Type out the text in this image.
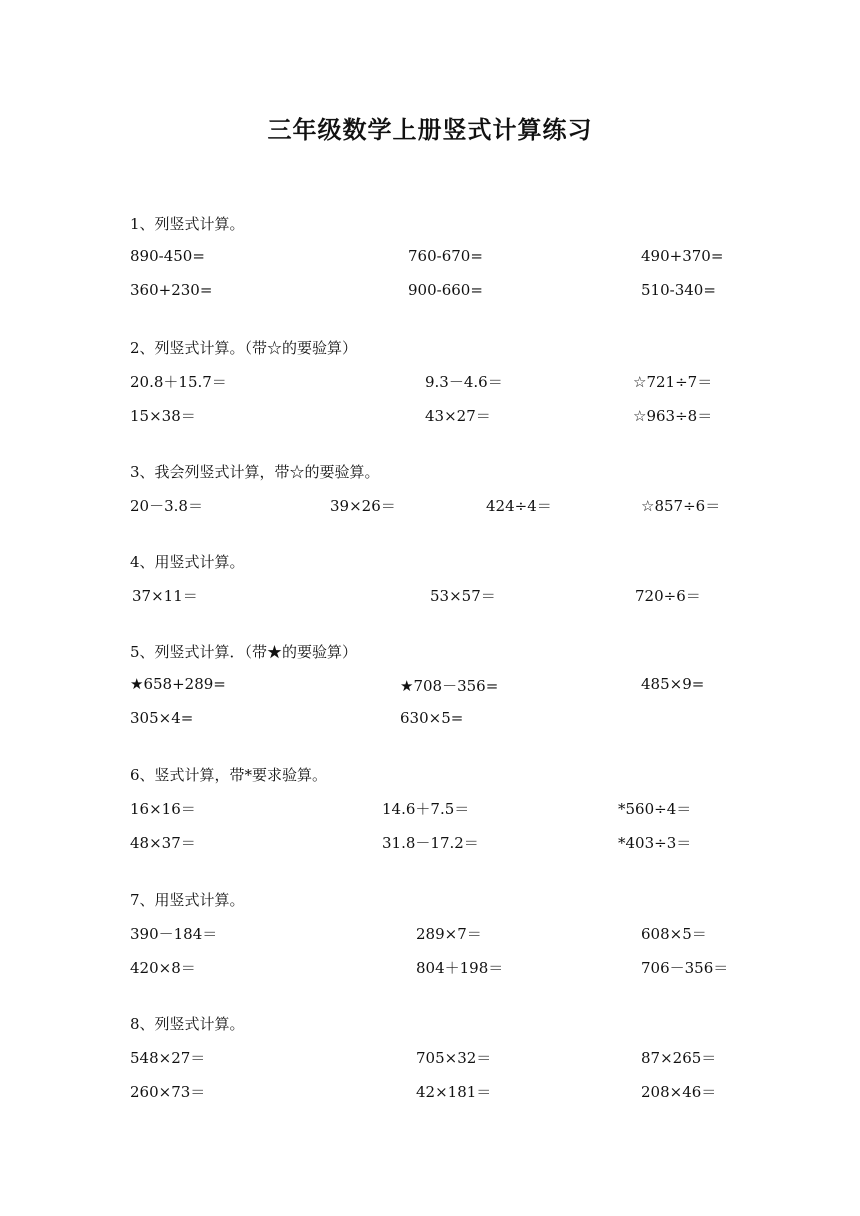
三年级数学上册竖式计算练习
1、列竖式计算。
890-450=	760-670=	490+370=
360+230=	900-660=	510-340=
2、列竖式计算。（带☆的要验算）
20.8＋15.7＝	9.3－4.6＝	☆721÷7＝
15×38＝	43×27＝	☆963÷8＝
3、我会列竖式计算，带☆的要验算。
20－3.8＝	39×26＝	424÷4＝	☆857÷6＝
4、用竖式计算。
37×11＝	53×57＝	720÷6＝
5、列竖式计算．（带★的要验算）
★658+289=	★708－356=	485×9=
305×4=	630×5=
6、竖式计算，带*要求验算。
16×16＝	14.6＋7.5＝	*560÷4＝
48×37＝	31.8－17.2＝	*403÷3＝
7、用竖式计算。
390－184＝	289×7＝	608×5＝
420×8＝	804＋198＝	706－356＝
8、列竖式计算。
548×27＝	705×32＝	87×265＝
260×73＝	42×181＝	208×46＝
